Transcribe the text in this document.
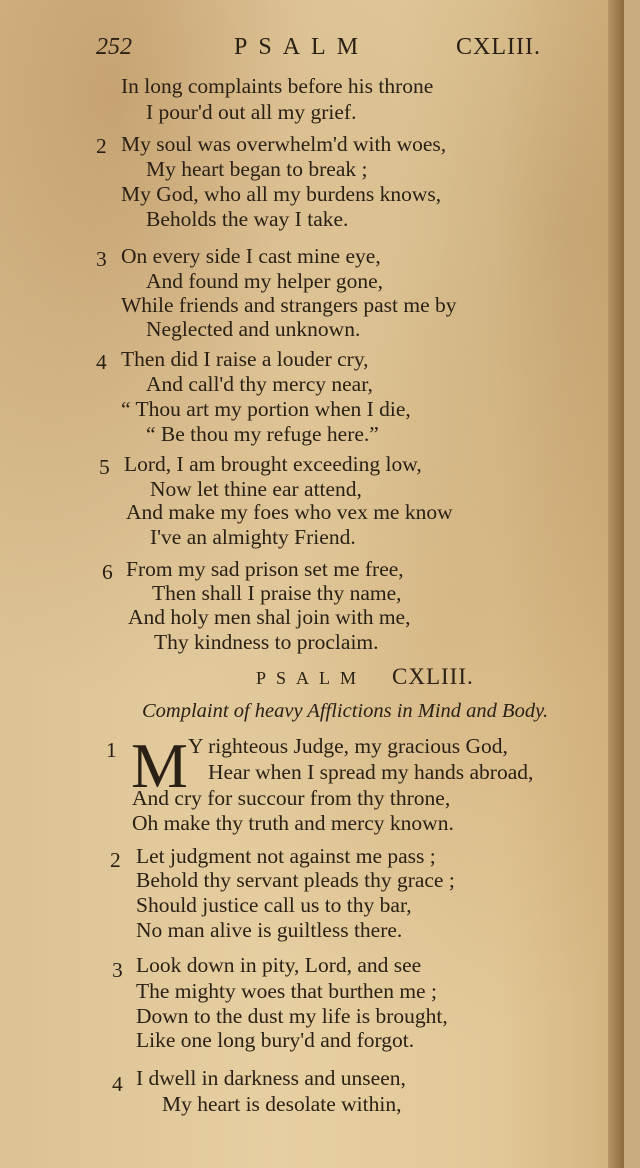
252	PSALM	CXLIII.
In long complaints before his throne
I pour'd out all my grief.
2 My soul was overwhelm'd with woes,
My heart began to break ;
My God, who all my burdens knows,
Beholds the way I take.
3 On every side I cast mine eye,
And found my helper gone,
While friends and strangers past me by
Neglected and unknown.
4 Then did I raise a louder cry,
And call'd thy mercy near,
“ Thou art my portion when I die,
“ Be thou my refuge here.”
5 Lord, I am brought exceeding low,
Now let thine ear attend,
And make my foes who vex me know
I've an almighty Friend.
6 From my sad prison set me free,
Then shall I praise thy name,
And holy men shal join with me,
Thy kindness to proclaim.
PSALM CXLIII.
Complaint of heavy Afflictions in Mind and Body.
1 M Y righteous Judge, my gracious God,
Hear when I spread my hands abroad,
And cry for succour from thy throne,
Oh make thy truth and mercy known.
2 Let judgment not against me pass ;
Behold thy servant pleads thy grace ;
Should justice call us to thy bar,
No man alive is guiltless there.
3 Look down in pity, Lord, and see
The mighty woes that burthen me ;
Down to the dust my life is brought,
Like one long bury'd and forgot.
4 I dwell in darkness and unseen,
My heart is desolate within,
